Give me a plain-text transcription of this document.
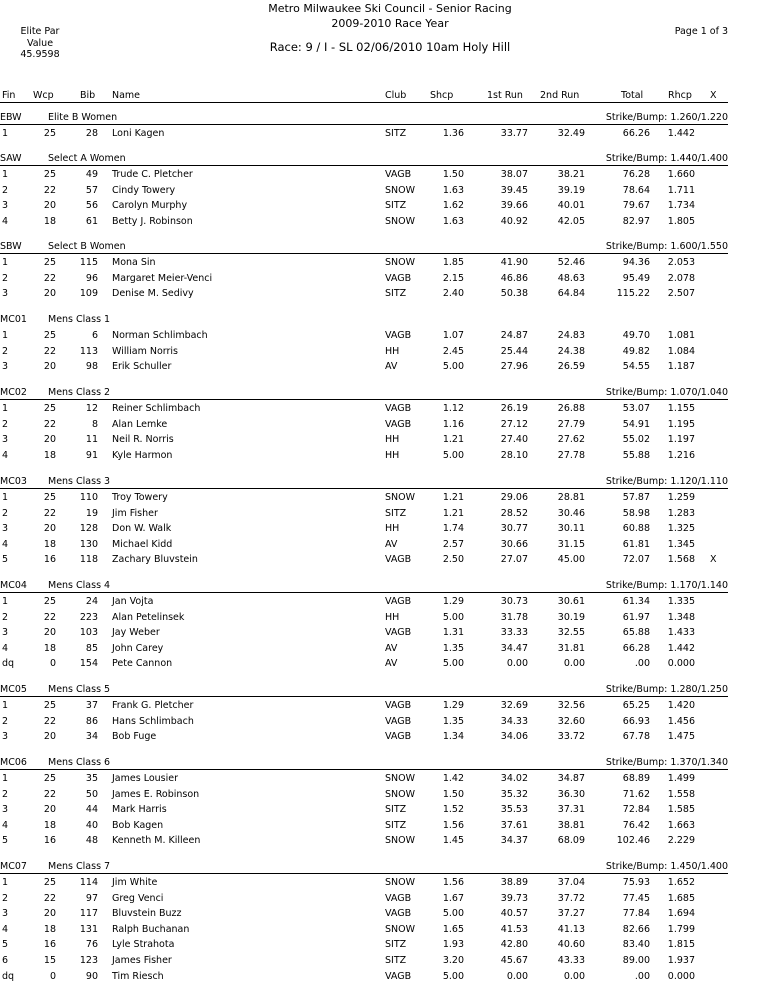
Metro Milwaukee Ski Council - Senior Racing
2009-2010 Race Year
Race: 9 / I - SL 02/06/2010 10am Holy Hill
Elite Par
Value
45.9598
Page 1 of 3
Fin Wcp	Bib Name	Club Shcp	1st Run 2nd Run	Total	Rhcp X
EBW	Elite B Women	Strike/Bump: 1.260/1.220
1	25	28 Loni Kagen	SITZ	1.36	33.77	32.49	66.26	1.442
SAW	Select A Women	Strike/Bump: 1.440/1.400
1	25	49 Trude C. Pletcher	VAGB	1.50	38.07	38.21	76.28	1.660
2	22	57 Cindy Towery	SNOW	1.63	39.45	39.19	78.64	1.711
3	20	56 Carolyn Murphy	SITZ	1.62	39.66	40.01	79.67	1.734
4	18	61 Betty J. Robinson	SNOW	1.63	40.92	42.05	82.97	1.805
SBW	Select B Women	Strike/Bump: 1.600/1.550
1	25	115 Mona Sin	SNOW	1.85	41.90	52.46	94.36	2.053
2	22	96 Margaret Meier-Venci	VAGB	2.15	46.86	48.63	95.49	2.078
3	20	109 Denise M. Sedivy	SITZ	2.40	50.38	64.84	115.22	2.507
MC01 Mens Class 1
1	25	6 Norman Schlimbach	VAGB	1.07	24.87	24.83	49.70	1.081
2	22	113 William Norris	HH	2.45	25.44	24.38	49.82	1.084
3	20	98 Erik Schuller	AV	5.00	27.96	26.59	54.55	1.187
MC02 Mens Class 2	Strike/Bump: 1.070/1.040
1	25	12 Reiner Schlimbach	VAGB	1.12	26.19	26.88	53.07	1.155
2	22	8 Alan Lemke	VAGB	1.16	27.12	27.79	54.91	1.195
3	20	11 Neil R. Norris	HH	1.21	27.40	27.62	55.02	1.197
4	18	91 Kyle Harmon	HH	5.00	28.10	27.78	55.88	1.216
MC03 Mens Class 3	Strike/Bump: 1.120/1.110
1	25	110 Troy Towery	SNOW	1.21	29.06	28.81	57.87	1.259
2	22	19 Jim Fisher	SITZ	1.21	28.52	30.46	58.98	1.283
3	20	128 Don W. Walk	HH	1.74	30.77	30.11	60.88	1.325
4	18	130 Michael Kidd	AV	2.57	30.66	31.15	61.81	1.345
5	16	118 Zachary Bluvstein	VAGB	2.50	27.07	45.00	72.07	1.568 X
MC04 Mens Class 4	Strike/Bump: 1.170/1.140
1	25	24 Jan Vojta	VAGB	1.29	30.73	30.61	61.34	1.335
2	22	223 Alan Petelinsek	HH	5.00	31.78	30.19	61.97	1.348
3	20	103 Jay Weber	VAGB	1.31	33.33	32.55	65.88	1.433
4	18	85 John Carey	AV	1.35	34.47	31.81	66.28	1.442
dq	0	154 Pete Cannon	AV	5.00	0.00	0.00	.00	0.000
MC05 Mens Class 5	Strike/Bump: 1.280/1.250
1	25	37 Frank G. Pletcher	VAGB	1.29	32.69	32.56	65.25	1.420
2	22	86 Hans Schlimbach	VAGB	1.35	34.33	32.60	66.93	1.456
3	20	34 Bob Fuge	VAGB	1.34	34.06	33.72	67.78	1.475
MC06 Mens Class 6	Strike/Bump: 1.370/1.340
1	25	35 James Lousier	SNOW	1.42	34.02	34.87	68.89	1.499
2	22	50 James E. Robinson	SNOW	1.50	35.32	36.30	71.62	1.558
3	20	44 Mark Harris	SITZ	1.52	35.53	37.31	72.84	1.585
4	18	40 Bob Kagen	SITZ	1.56	37.61	38.81	76.42	1.663
5	16	48 Kenneth M. Killeen	SNOW	1.45	34.37	68.09	102.46	2.229
MC07 Mens Class 7	Strike/Bump: 1.450/1.400
1	25	114 Jim White	SNOW	1.56	38.89	37.04	75.93	1.652
2	22	97 Greg Venci	VAGB	1.67	39.73	37.72	77.45	1.685
3	20	117 Bluvstein Buzz	VAGB	5.00	40.57	37.27	77.84	1.694
4	18	131 Ralph Buchanan	SNOW	1.65	41.53	41.13	82.66	1.799
5	16	76 Lyle Strahota	SITZ	1.93	42.80	40.60	83.40	1.815
6	15	123 James Fisher	SITZ	3.20	45.67	43.33	89.00	1.937
dq	0	90 Tim Riesch	VAGB	5.00	0.00	0.00	.00	0.000
